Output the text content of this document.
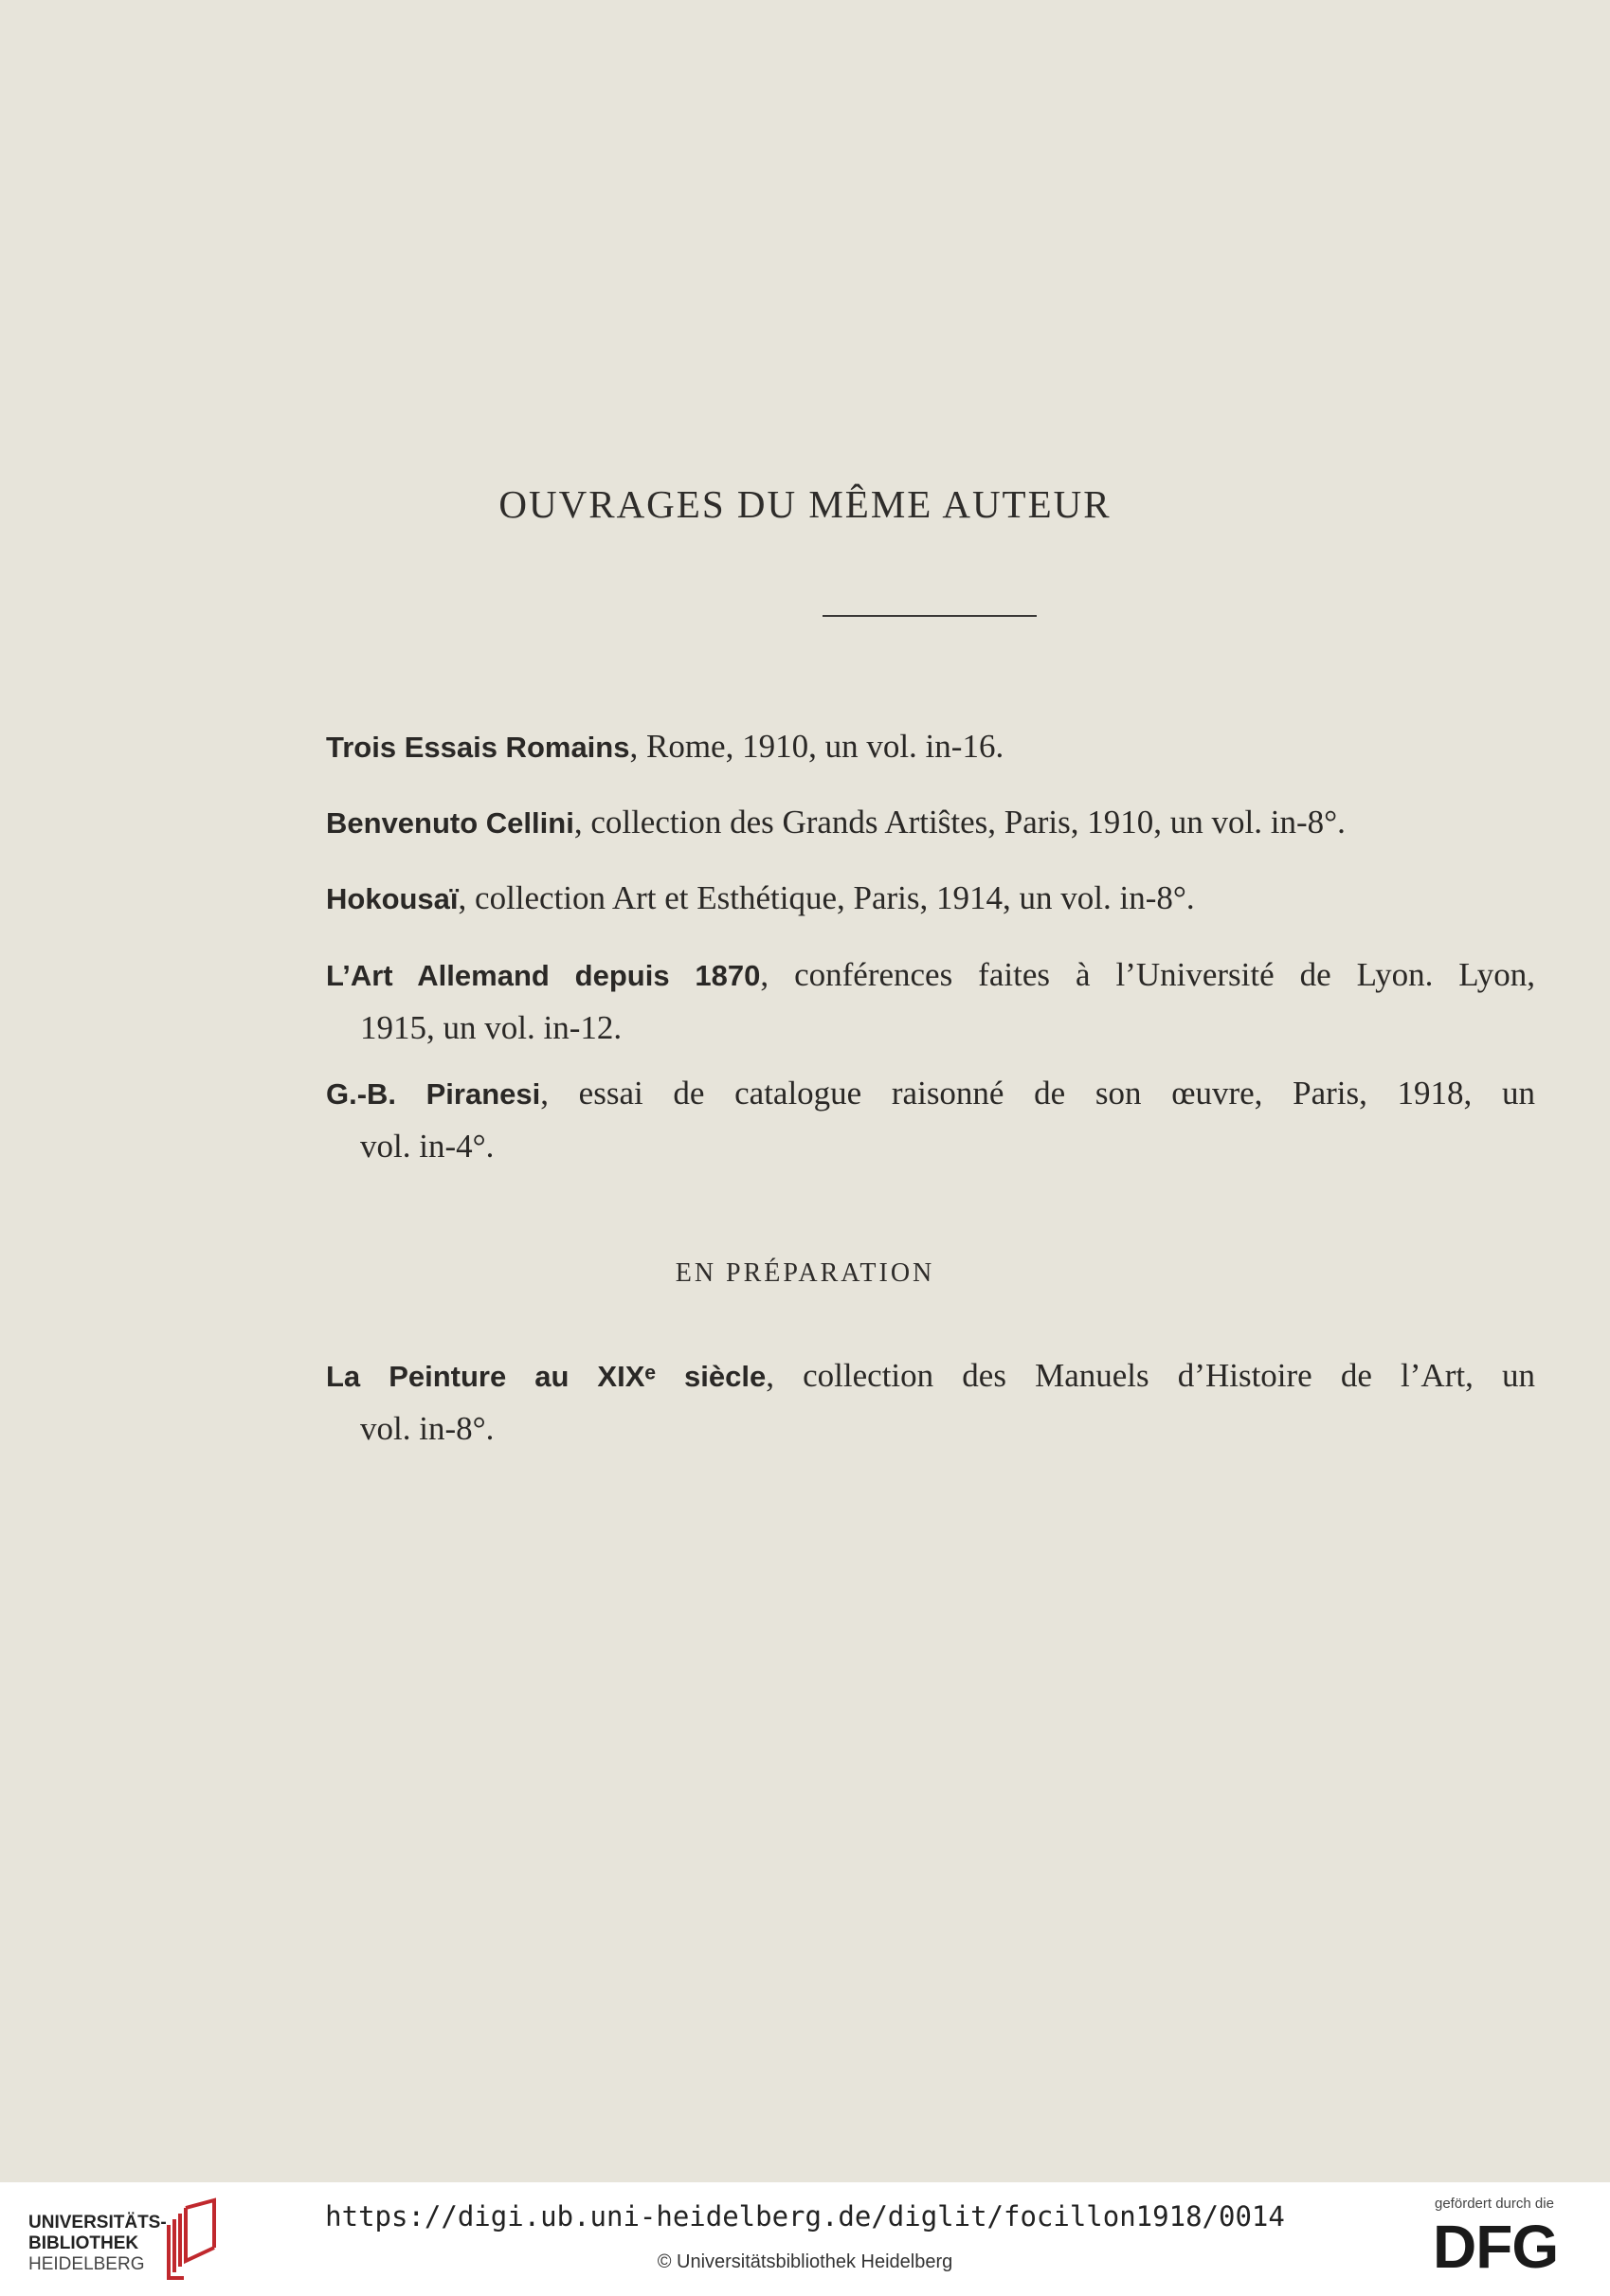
OUVRAGES DU MÊME AUTEUR
Trois Essais Romains, Rome, 1910, un vol. in-16.
Benvenuto Cellini, collection des Grands Artiŝtes, Paris, 1910, un vol. in-8°.
Hokousaï, collection Art et Esthétique, Paris, 1914, un vol. in-8°.
L’Art Allemand depuis 1870, conférences faites à l’Université de Lyon. Lyon,
1915, un vol. in-12.
G.-B. Piranesi, essai de catalogue raisonné de son œuvre, Paris, 1918, un
vol. in-4°.
EN PRÉPARATION
La Peinture au XIXᵉ siècle, collection des Manuels d’Histoire de l’Art, un
vol. in-8°.
UNIVERSITÄTS-
BIBLIOTHEK
HEIDELBERG
https://digi.ub.uni-heidelberg.de/diglit/focillon1918/0014
© Universitätsbibliothek Heidelberg
gefördert durch die
DFG
